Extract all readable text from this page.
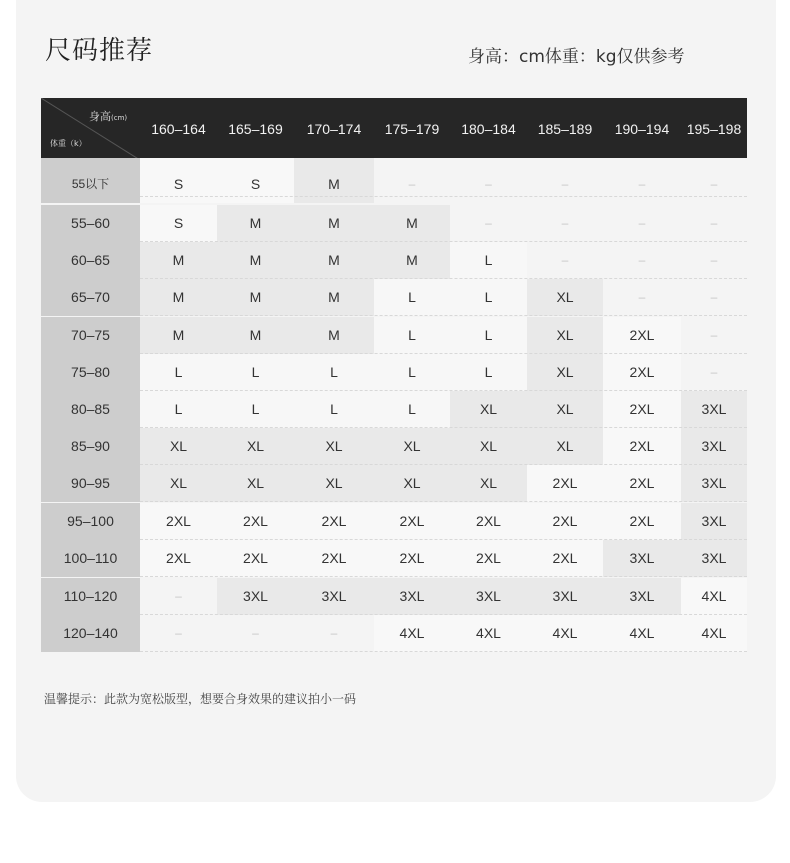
尺码推荐	身高：cm体重：kg仅供参考
身高(cm)
体重（k）
160–164	165–169	170–174	175–179	180–184	185–189	190–194	195–198
55以下	S	S	M	–	–	–	–	–
55–60	S	M	M	M	–	–	–	–
60–65	M	M	M	M	L	–	–	–
65–70	M	M	M	L	L	XL	–	–
70–75	M	M	M	L	L	XL	2XL	–
75–80	L	L	L	L	L	XL	2XL	–
80–85	L	L	L	L	XL	XL	2XL	3XL
85–90	XL	XL	XL	XL	XL	XL	2XL	3XL
90–95	XL	XL	XL	XL	XL	2XL	2XL	3XL
95–100	2XL	2XL	2XL	2XL	2XL	2XL	2XL	3XL
100–110	2XL	2XL	2XL	2XL	2XL	2XL	3XL	3XL
110–120	–	3XL	3XL	3XL	3XL	3XL	3XL	4XL
120–140	–	–	–	4XL	4XL	4XL	4XL	4XL
温馨提示：此款为宽松版型，想要合身效果的建议拍小一码
